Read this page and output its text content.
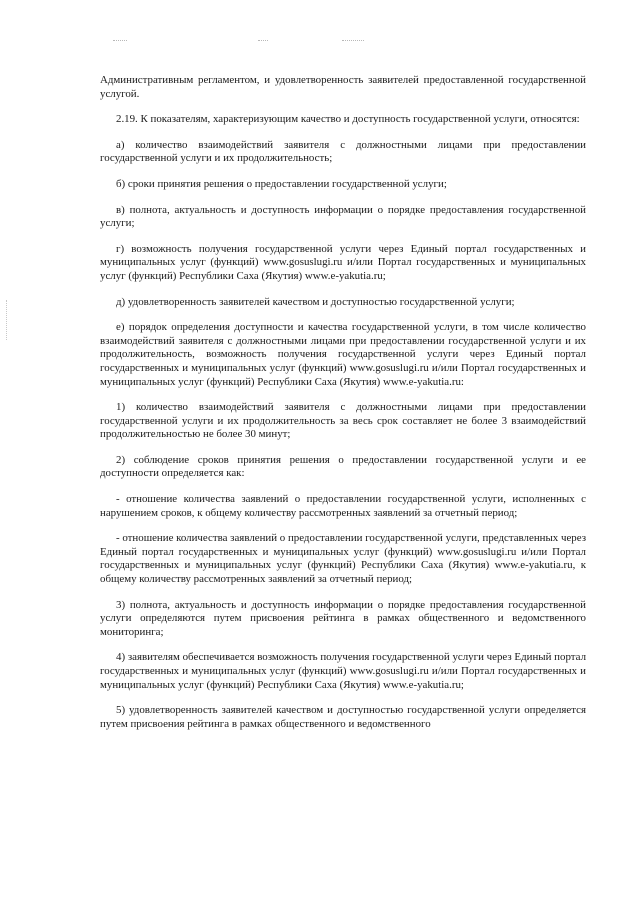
Административным регламентом, и удовлетворенность заявителей предоставленной государственной услугой.

2.19. К показателям, характеризующим качество и доступность государственной услуги, относятся:

а) количество взаимодействий заявителя с должностными лицами при предоставлении государственной услуги и их продолжительность;

б) сроки принятия решения о предоставлении государственной услуги;

в) полнота, актуальность и доступность информации о порядке предоставления государственной услуги;

г) возможность получения государственной услуги через Единый портал государственных и муниципальных услуг (функций) www.gosuslugi.ru и/или Портал государственных и муниципальных услуг (функций) Республики Саха (Якутия) www.e-yakutia.ru;

д) удовлетворенность заявителей качеством и доступностью государственной услуги;

е) порядок определения доступности и качества государственной услуги, в том числе количество взаимодействий заявителя с должностными лицами при предоставлении государственной услуги и их продолжительность, возможность получения государственной услуги через Единый портал государственных и муниципальных услуг (функций) www.gosuslugi.ru и/или Портал государственных и муниципальных услуг (функций) Республики Саха (Якутия) www.e-yakutia.ru:

1) количество взаимодействий заявителя с должностными лицами при предоставлении государственной услуги и их продолжительность за весь срок составляет не более 3 взаимодействий продолжительностью не более 30 минут;

2) соблюдение сроков принятия решения о предоставлении государственной услуги и ее доступности определяется как:

- отношение количества заявлений о предоставлении государственной услуги, исполненных с нарушением сроков, к общему количеству рассмотренных заявлений за отчетный период;

- отношение количества заявлений о предоставлении государственной услуги, представленных через Единый портал государственных и муниципальных услуг (функций) www.gosuslugi.ru и/или Портал государственных и муниципальных услуг (функций) Республики Саха (Якутия) www.e-yakutia.ru, к общему количеству рассмотренных заявлений за отчетный период;

3) полнота, актуальность и доступность информации о порядке предоставления государственной услуги определяются путем присвоения рейтинга в рамках общественного и ведомственного мониторинга;

4) заявителям обеспечивается возможность получения государственной услуги через Единый портал государственных и муниципальных услуг (функций) www.gosuslugi.ru и/или Портал государственных и муниципальных услуг (функций) Республики Саха (Якутия) www.e-yakutia.ru;

5) удовлетворенность заявителей качеством и доступностью государственной услуги определяется путем присвоения рейтинга в рамках общественного и ведомственного
